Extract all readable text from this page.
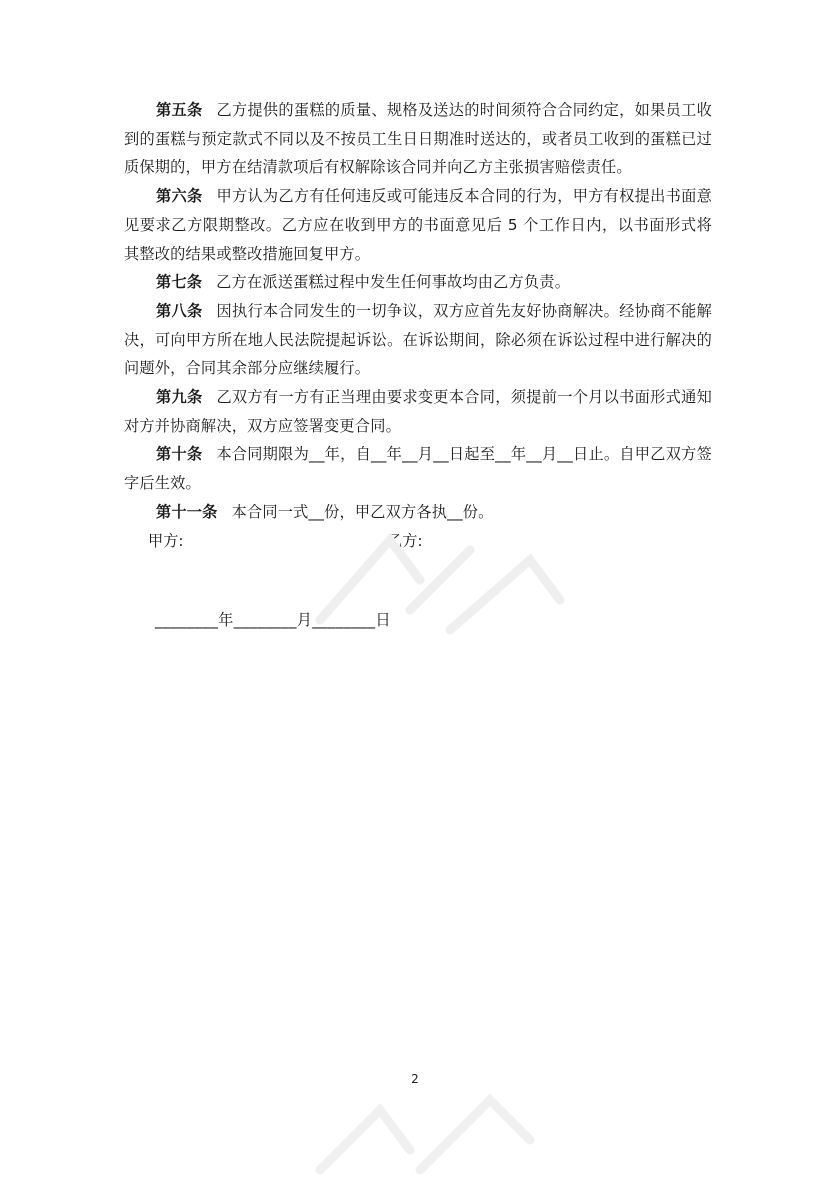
第五条 乙方提供的蛋糕的质量、规格及送达的时间须符合合同约定，如果员工收到的蛋糕与预定款式不同以及不按员工生日日期准时送达的，或者员工收到的蛋糕已过质保期的，甲方在结清款项后有权解除该合同并向乙方主张损害赔偿责任。

第六条 甲方认为乙方有任何违反或可能违反本合同的行为，甲方有权提出书面意见要求乙方限期整改。乙方应在收到甲方的书面意见后 5 个工作日内，以书面形式将其整改的结果或整改措施回复甲方。

第七条 乙方在派送蛋糕过程中发生任何事故均由乙方负责。

第八条 因执行本合同发生的一切争议，双方应首先友好协商解决。经协商不能解决，可向甲方所在地人民法院提起诉讼。在诉讼期间，除必须在诉讼过程中进行解决的问题外，合同其余部分应继续履行。

第九条 乙双方有一方有正当理由要求变更本合同，须提前一个月以书面形式通知对方并协商解决，双方应签署变更合同。

第十条 本合同期限为__年，自__年__月__日起至__年__月__日止。自甲乙双方签字后生效。

第十一条 本合同一式__份，甲乙双方各执__份。

甲方:	乙方:
________年________月________日
2
